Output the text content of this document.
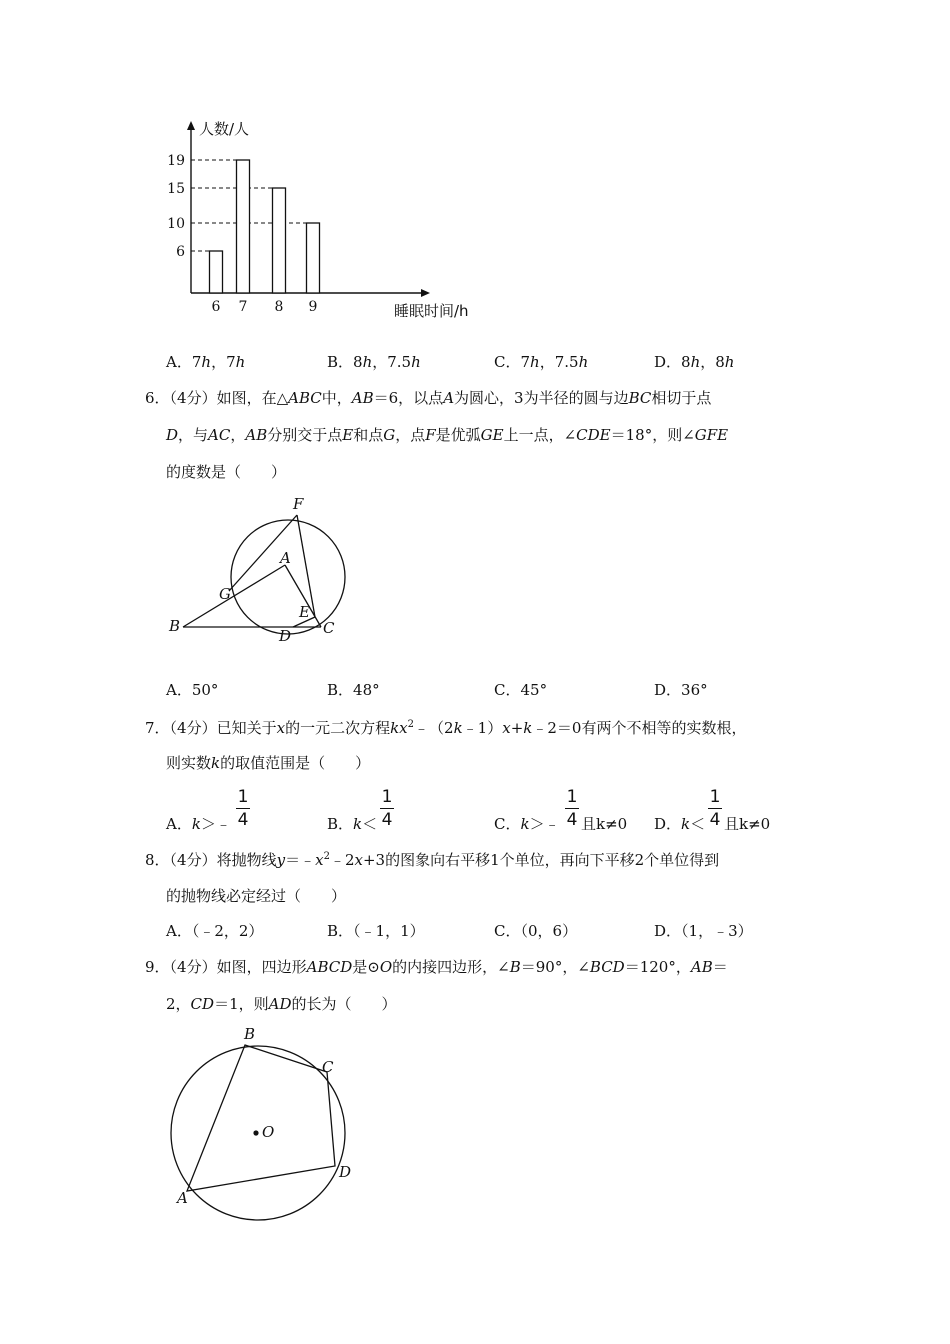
人数/人
睡眠时间/h
6
10
15
19
6 7 8 9
A．7h，7h	B．8h，7.5h	C．7h，7.5h	D．8h，8h
6．（4分）如图，在△ABC中，AB＝6，以点A为圆心，3为半径的圆与边BC相切于点
D，与AC，AB分别交于点E和点G，点F是优弧GE上一点，∠CDE＝18°，则∠GFE
的度数是（　　）
F
A
G
E
B
D C
A．50°	B．48°	C．45°	D．36°
7．（4分）已知关于x的一元二次方程$kx^2﹣(2k﹣1)x+k﹣2=0$有两个不相等的实数根，
则实数k的取值范围是（　　）
A．k＞﹣
1
4	B．k＜
1
4	C．k＞﹣
1
4 且k≠0 D．k＜
1
4 且k≠0
8．（4分）将抛物线$y=﹣x^2﹣2x+3$的图象向右平移1个单位，再向下平移2个单位得到
的抛物线必定经过（　　）
A．（﹣2，2）	B．（﹣1，1）	C．（0，6）	D．（1，﹣3）
9．（4分）如图，四边形ABCD是⊙O的内接四边形，∠B＝90°，∠BCD＝120°，AB＝
2，CD＝1，则AD的长为（　　）
B
C
O
D
A
